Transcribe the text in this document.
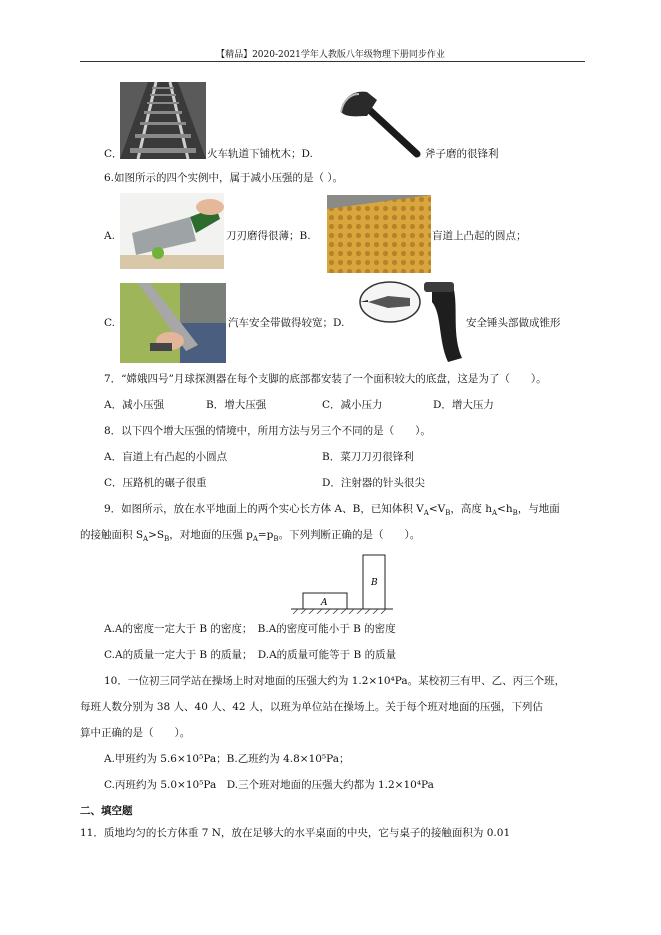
【精品】2020-2021学年人教版八年级物理下册同步作业
C．	火车轨道下铺枕木；D.	斧子磨的很锋利
6.如图所示的四个实例中，属于减小压强的是（ ）。
A.	刀刃磨得很薄；B.	盲道上凸起的圆点；
C.	汽车安全带做得较宽；D.	安全锤头部做成锥形
7．“嫦娥四号”月球探测器在每个支脚的底部都安装了一个面积较大的底盘，这是为了（　　）。
A．减小压强	B．增大压强	C．减小压力	D．增大压力
8．以下四个增大压强的情境中，所用方法与另三个不同的是（　　）。
A．盲道上有凸起的小圆点	B．菜刀刀刃很锋利
C．压路机的碾子很重	D．注射器的针头很尖
9．如图所示，放在水平地面上的两个实心长方体 A、B，已知体积 $V_A<V_B$，高度 $h_A<h_B$，与地面
的接触面积 $S_A>S_B$，对地面的压强 $p_A=p_B$。下列判断正确的是（　　）。
A
B
A.A的密度一定大于 B 的密度；　B.A的密度可能小于 B 的密度
C.A的质量一定大于 B 的质量；　D.A的质量可能等于 B 的质量
10．一位初三同学站在操场上时对地面的压强大约为 1.2×10⁴Pa。某校初三有甲、乙、丙三个班，
每班人数分别为 38 人、40 人、42 人，以班为单位站在操场上。关于每个班对地面的压强，下列估
算中正确的是（　　）。
A.甲班约为 5.6×10⁵Pa；B.乙班约为 4.8×10⁵Pa；
C.丙班约为 5.0×10⁵Pa　D.三个班对地面的压强大约都为 1.2×10⁴Pa
二、填空题
11．质地均匀的长方体重 7 N，放在足够大的水平桌面的中央，它与桌子的接触面积为 0.01
